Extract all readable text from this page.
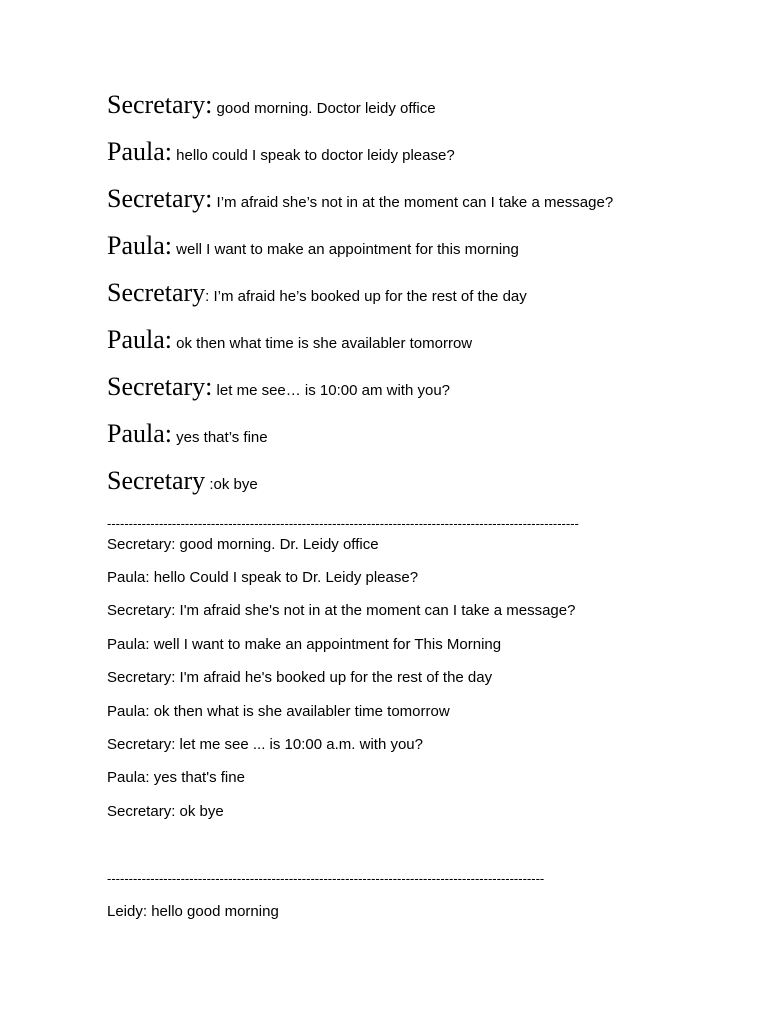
Secretary: good morning. Doctor leidy office
Paula: hello could I speak to doctor leidy please?
Secretary: I’m afraid she’s not in at the moment can I take a message?
Paula: well I want to make an appointment for this morning
Secretary: I’m afraid he’s booked up for the rest of the day
Paula: ok then what time is she availabler tomorrow
Secretary: let me see… is 10:00 am with you?
Paula: yes that’s fine
Secretary :ok bye
-------------------------------------------------------------------------------------------------------------
Secretary: good morning. Dr. Leidy office
Paula: hello Could I speak to Dr. Leidy please?
Secretary: I'm afraid she's not in at the moment can I take a message?
Paula: well I want to make an appointment for This Morning
Secretary: I'm afraid he's booked up for the rest of the day
Paula: ok then what is she availabler time tomorrow
Secretary: let me see ... is 10:00 a.m. with you?
Paula: yes that's fine
Secretary: ok bye
-----------------------------------------------------------------------------------------------------
Leidy: hello good morning
